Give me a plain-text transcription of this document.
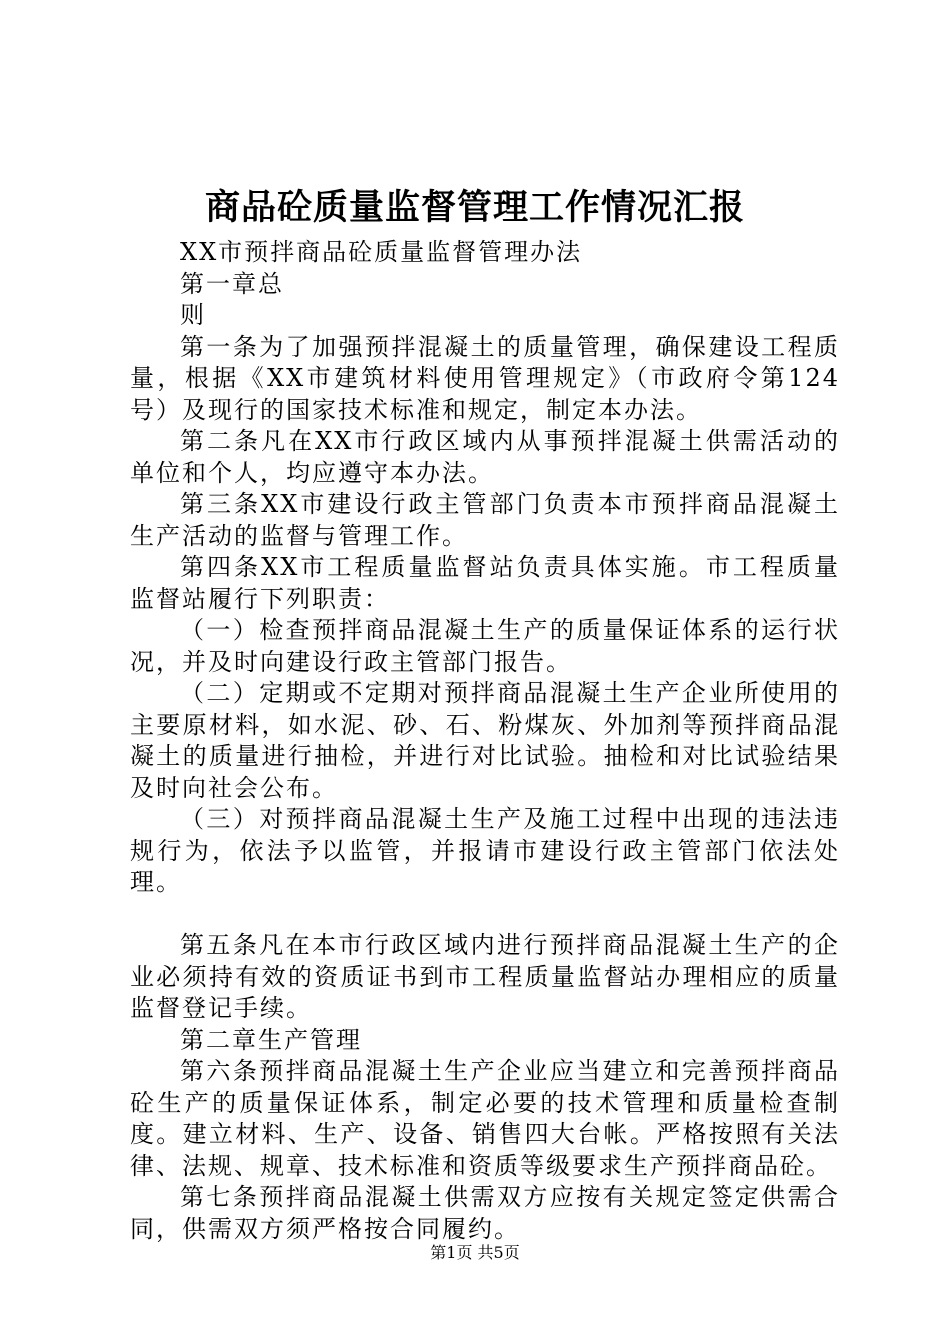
商品砼质量监督管理工作情况汇报

XX市预拌商品砼质量监督管理办法

第一章总

则

第一条为了加强预拌混凝土的质量管理，确保建设工程质量，根据《XX市建筑材料使用管理规定》（市政府令第124号）及现行的国家技术标准和规定，制定本办法。

第二条凡在XX市行政区域内从事预拌混凝土供需活动的单位和个人，均应遵守本办法。

第三条XX市建设行政主管部门负责本市预拌商品混凝土生产活动的监督与管理工作。

第四条XX市工程质量监督站负责具体实施。市工程质量监督站履行下列职责：

（一）检查预拌商品混凝土生产的质量保证体系的运行状况，并及时向建设行政主管部门报告。

（二）定期或不定期对预拌商品混凝土生产企业所使用的主要原材料，如水泥、砂、石、粉煤灰、外加剂等预拌商品混凝土的质量进行抽检，并进行对比试验。抽检和对比试验结果及时向社会公布。

（三）对预拌商品混凝土生产及施工过程中出现的违法违规行为，依法予以监管，并报请市建设行政主管部门依法处理。

第五条凡在本市行政区域内进行预拌商品混凝土生产的企业必须持有效的资质证书到市工程质量监督站办理相应的质量监督登记手续。

第二章生产管理

第六条预拌商品混凝土生产企业应当建立和完善预拌商品砼生产的质量保证体系，制定必要的技术管理和质量检查制度。建立材料、生产、设备、销售四大台帐。严格按照有关法律、法规、规章、技术标准和资质等级要求生产预拌商品砼。

第七条预拌商品混凝土供需双方应按有关规定签定供需合同，供需双方须严格按合同履约。

第1页 共5页
